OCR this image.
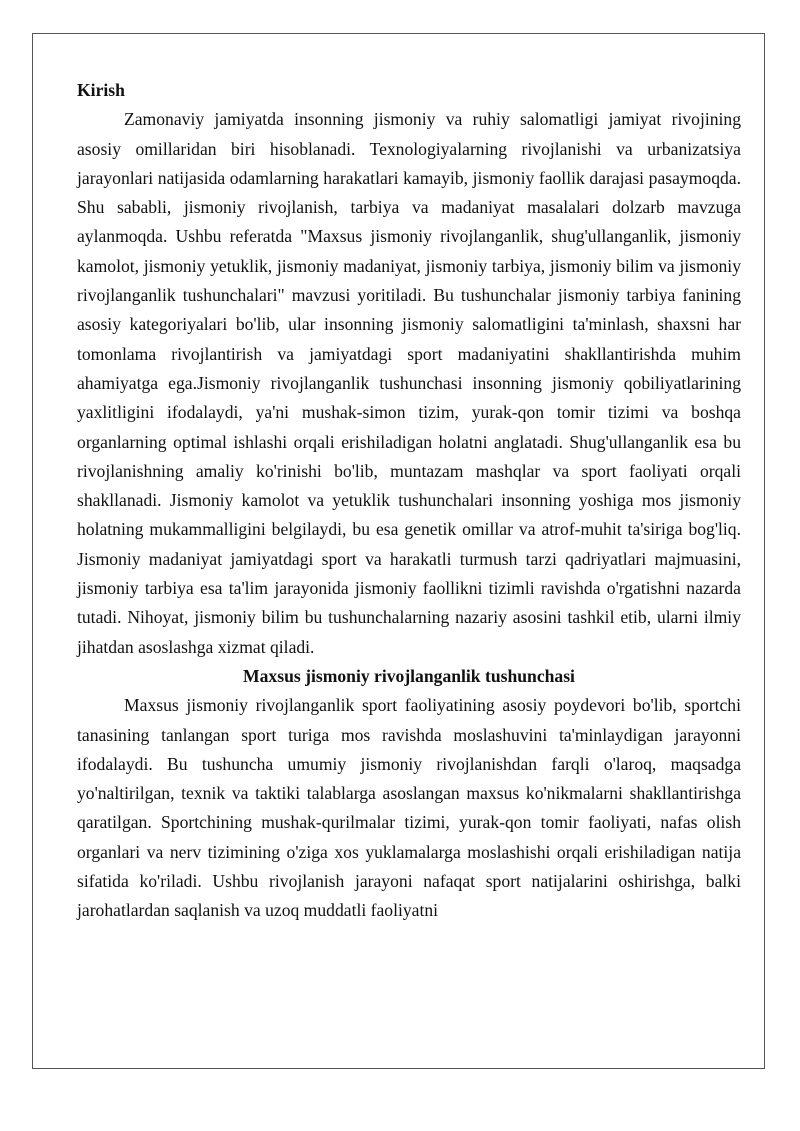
Kirish

Zamonaviy jamiyatda insonning jismoniy va ruhiy salomatligi jamiyat rivojining asosiy omillaridan biri hisoblanadi. Texnologiyalarning rivojlanishi va urbanizatsiya jarayonlari natijasida odamlarning harakatlari kamayib, jismoniy faollik darajasi pasaymoqda. Shu sababli, jismoniy rivojlanish, tarbiya va madaniyat masalalari dolzarb mavzuga aylanmoqda. Ushbu referatda "Maxsus jismoniy rivojlanganlik, shug'ullanganlik, jismoniy kamolot, jismoniy yetuklik, jismoniy madaniyat, jismoniy tarbiya, jismoniy bilim va jismoniy rivojlanganlik tushunchalari" mavzusi yoritiladi. Bu tushunchalar jismoniy tarbiya fanining asosiy kategoriyalari bo'lib, ular insonning jismoniy salomatligini ta'minlash, shaxsni har tomonlama rivojlantirish va jamiyatdagi sport madaniyatini shakllantirishda muhim ahamiyatga ega.Jismoniy rivojlanganlik tushunchasi insonning jismoniy qobiliyatlarining yaxlitligini ifodalaydi, ya'ni mushak-simon tizim, yurak-qon tomir tizimi va boshqa organlarning optimal ishlashi orqali erishiladigan holatni anglatadi. Shug'ullanganlik esa bu rivojlanishning amaliy ko'rinishi bo'lib, muntazam mashqlar va sport faoliyati orqali shakllanadi. Jismoniy kamolot va yetuklik tushunchalari insonning yoshiga mos jismoniy holatning mukammalligini belgilaydi, bu esa genetik omillar va atrof-muhit ta'siriga bog'liq. Jismoniy madaniyat jamiyatdagi sport va harakatli turmush tarzi qadriyatlari majmuasini, jismoniy tarbiya esa ta'lim jarayonida jismoniy faollikni tizimli ravishda o'rgatishni nazarda tutadi. Nihoyat, jismoniy bilim bu tushunchalarning nazariy asosini tashkil etib, ularni ilmiy jihatdan asoslashga xizmat qiladi.

Maxsus jismoniy rivojlanganlik tushunchasi

Maxsus jismoniy rivojlanganlik sport faoliyatining asosiy poydevori bo'lib, sportchi tanasining tanlangan sport turiga mos ravishda moslashuvini ta'minlaydigan jarayonni ifodalaydi. Bu tushuncha umumiy jismoniy rivojlanishdan farqli o'laroq, maqsadga yo'naltirilgan, texnik va taktiki talablarga asoslangan maxsus ko'nikmalarni shakllantirishga qaratilgan. Sportchining mushak-qurilmalar tizimi, yurak-qon tomir faoliyati, nafas olish organlari va nerv tizimining o'ziga xos yuklamalarga moslashishi orqali erishiladigan natija sifatida ko'riladi. Ushbu rivojlanish jarayoni nafaqat sport natijalarini oshirishga, balki jarohatlardan saqlanish va uzoq muddatli faoliyatni
